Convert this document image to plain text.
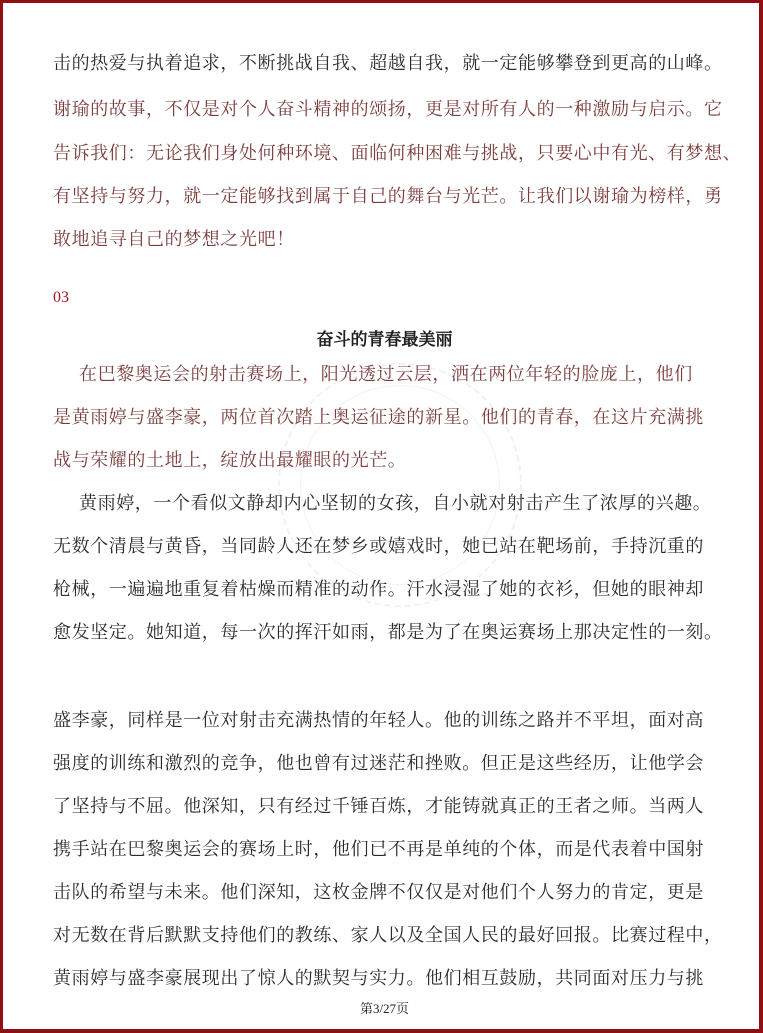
击的热爱与执着追求，不断挑战自我、超越自我，就一定能够攀登到更高的山峰。
谢瑜的故事，不仅是对个人奋斗精神的颂扬，更是对所有人的一种激励与启示。它
告诉我们：无论我们身处何种环境、面临何种困难与挑战，只要心中有光、有梦想、
有坚持与努力，就一定能够找到属于自己的舞台与光芒。让我们以谢瑜为榜样，勇
敢地追寻自己的梦想之光吧！
03
奋斗的青春最美丽
在巴黎奥运会的射击赛场上，阳光透过云层，洒在两位年轻的脸庞上，他们
是黄雨婷与盛李豪，两位首次踏上奥运征途的新星。他们的青春，在这片充满挑
战与荣耀的土地上，绽放出最耀眼的光芒。
黄雨婷，一个看似文静却内心坚韧的女孩，自小就对射击产生了浓厚的兴趣。
无数个清晨与黄昏，当同龄人还在梦乡或嬉戏时，她已站在靶场前，手持沉重的
枪械，一遍遍地重复着枯燥而精准的动作。汗水浸湿了她的衣衫，但她的眼神却
愈发坚定。她知道，每一次的挥汗如雨，都是为了在奥运赛场上那决定性的一刻。
盛李豪，同样是一位对射击充满热情的年轻人。他的训练之路并不平坦，面对高
强度的训练和激烈的竞争，他也曾有过迷茫和挫败。但正是这些经历，让他学会
了坚持与不屈。他深知，只有经过千锤百炼，才能铸就真正的王者之师。当两人
携手站在巴黎奥运会的赛场上时，他们已不再是单纯的个体，而是代表着中国射
击队的希望与未来。他们深知，这枚金牌不仅仅是对他们个人努力的肯定，更是
对无数在背后默默支持他们的教练、家人以及全国人民的最好回报。比赛过程中，
黄雨婷与盛李豪展现出了惊人的默契与实力。他们相互鼓励，共同面对压力与挑
第3/27页
